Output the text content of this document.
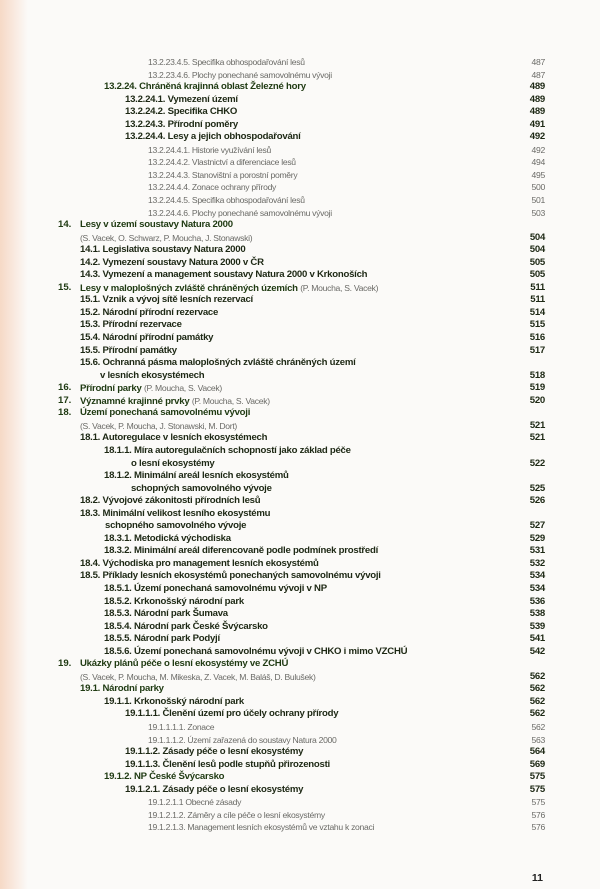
13.2.23.4.5. Specifika obhospodařování lesů	487
13.2.23.4.6. Plochy ponechané samovolnému vývoji	487
13.2.24. Chráněná krajinná oblast Železné hory	489
13.2.24.1. Vymezení území	489
13.2.24.2. Specifika CHKO	489
13.2.24.3. Přírodní poměry	491
13.2.24.4. Lesy a jejich obhospodařování	492
13.2.24.4.1. Historie využívání lesů	492
13.2.24.4.2. Vlastnictví a diferenciace lesů	494
13.2.24.4.3. Stanovištní a porostní poměry	495
13.2.24.4.4. Zonace ochrany přírody	500
13.2.24.4.5. Specifika obhospodařování lesů	501
13.2.24.4.6. Plochy ponechané samovolnému vývoji	503
14. Lesy v území soustavy Natura 2000
(S. Vacek, O. Schwarz, P. Moucha, J. Stonawski)	504
14.1. Legislativa soustavy Natura 2000	504
14.2. Vymezení soustavy Natura 2000 v ČR	505
14.3. Vymezení a management soustavy Natura 2000 v Krkonoších	505
15. Lesy v maloplošných zvláště chráněných územích (P. Moucha, S. Vacek)	511
15.1. Vznik a vývoj sítě lesních rezervací	511
15.2. Národní přírodní rezervace	514
15.3. Přírodní rezervace	515
15.4. Národní přírodní památky	516
15.5. Přírodní památky	517
15.6. Ochranná pásma maloplošných zvláště chráněných území
v lesních ekosystémech	518
16. Přírodní parky (P. Moucha, S. Vacek)	519
17. Významné krajinné prvky (P. Moucha, S. Vacek)	520
18. Území ponechaná samovolnému vývoji
(S. Vacek, P. Moucha, J. Stonawski, M. Dort)	521
18.1. Autoregulace v lesních ekosystémech	521
18.1.1. Míra autoregulačních schopností jako základ péče
o lesní ekosystémy	522
18.1.2. Minimální areál lesních ekosystémů
schopných samovolného vývoje	525
18.2. Vývojové zákonitosti přírodních lesů	526
18.3. Minimální velikost lesního ekosystému
schopného samovolného vývoje	527
18.3.1. Metodická východiska	529
18.3.2. Minimální areál diferencovaně podle podmínek prostředí	531
18.4. Východiska pro management lesních ekosystémů	532
18.5. Příklady lesních ekosystémů ponechaných samovolnému vývoji	534
18.5.1. Území ponechaná samovolnému vývoji v NP	534
18.5.2. Krkonošský národní park	536
18.5.3. Národní park Šumava	538
18.5.4. Národní park České Švýcarsko	539
18.5.5. Národní park Podyjí	541
18.5.6. Území ponechaná samovolnému vývoji v CHKO i mimo VZCHÚ	542
19. Ukázky plánů péče o lesní ekosystémy ve ZCHÚ
(S. Vacek, P. Moucha, M. Mikeska, Z. Vacek, M. Baláš, D. Bulušek)	562
19.1. Národní parky	562
19.1.1. Krkonošský národní park	562
19.1.1.1. Členění území pro účely ochrany přírody	562
19.1.1.1.1. Zonace	562
19.1.1.1.2. Území zařazená do soustavy Natura 2000	563
19.1.1.2. Zásady péče o lesní ekosystémy	564
19.1.1.3. Členění lesů podle stupňů přirozenosti	569
19.1.2. NP České Švýcarsko	575
19.1.2.1. Zásady péče o lesní ekosystémy	575
19.1.2.1.1 Obecné zásady	575
19.1.2.1.2. Záměry a cíle péče o lesní ekosystémy	576
19.1.2.1.3. Management lesních ekosystémů ve vztahu k zonaci	576
11
